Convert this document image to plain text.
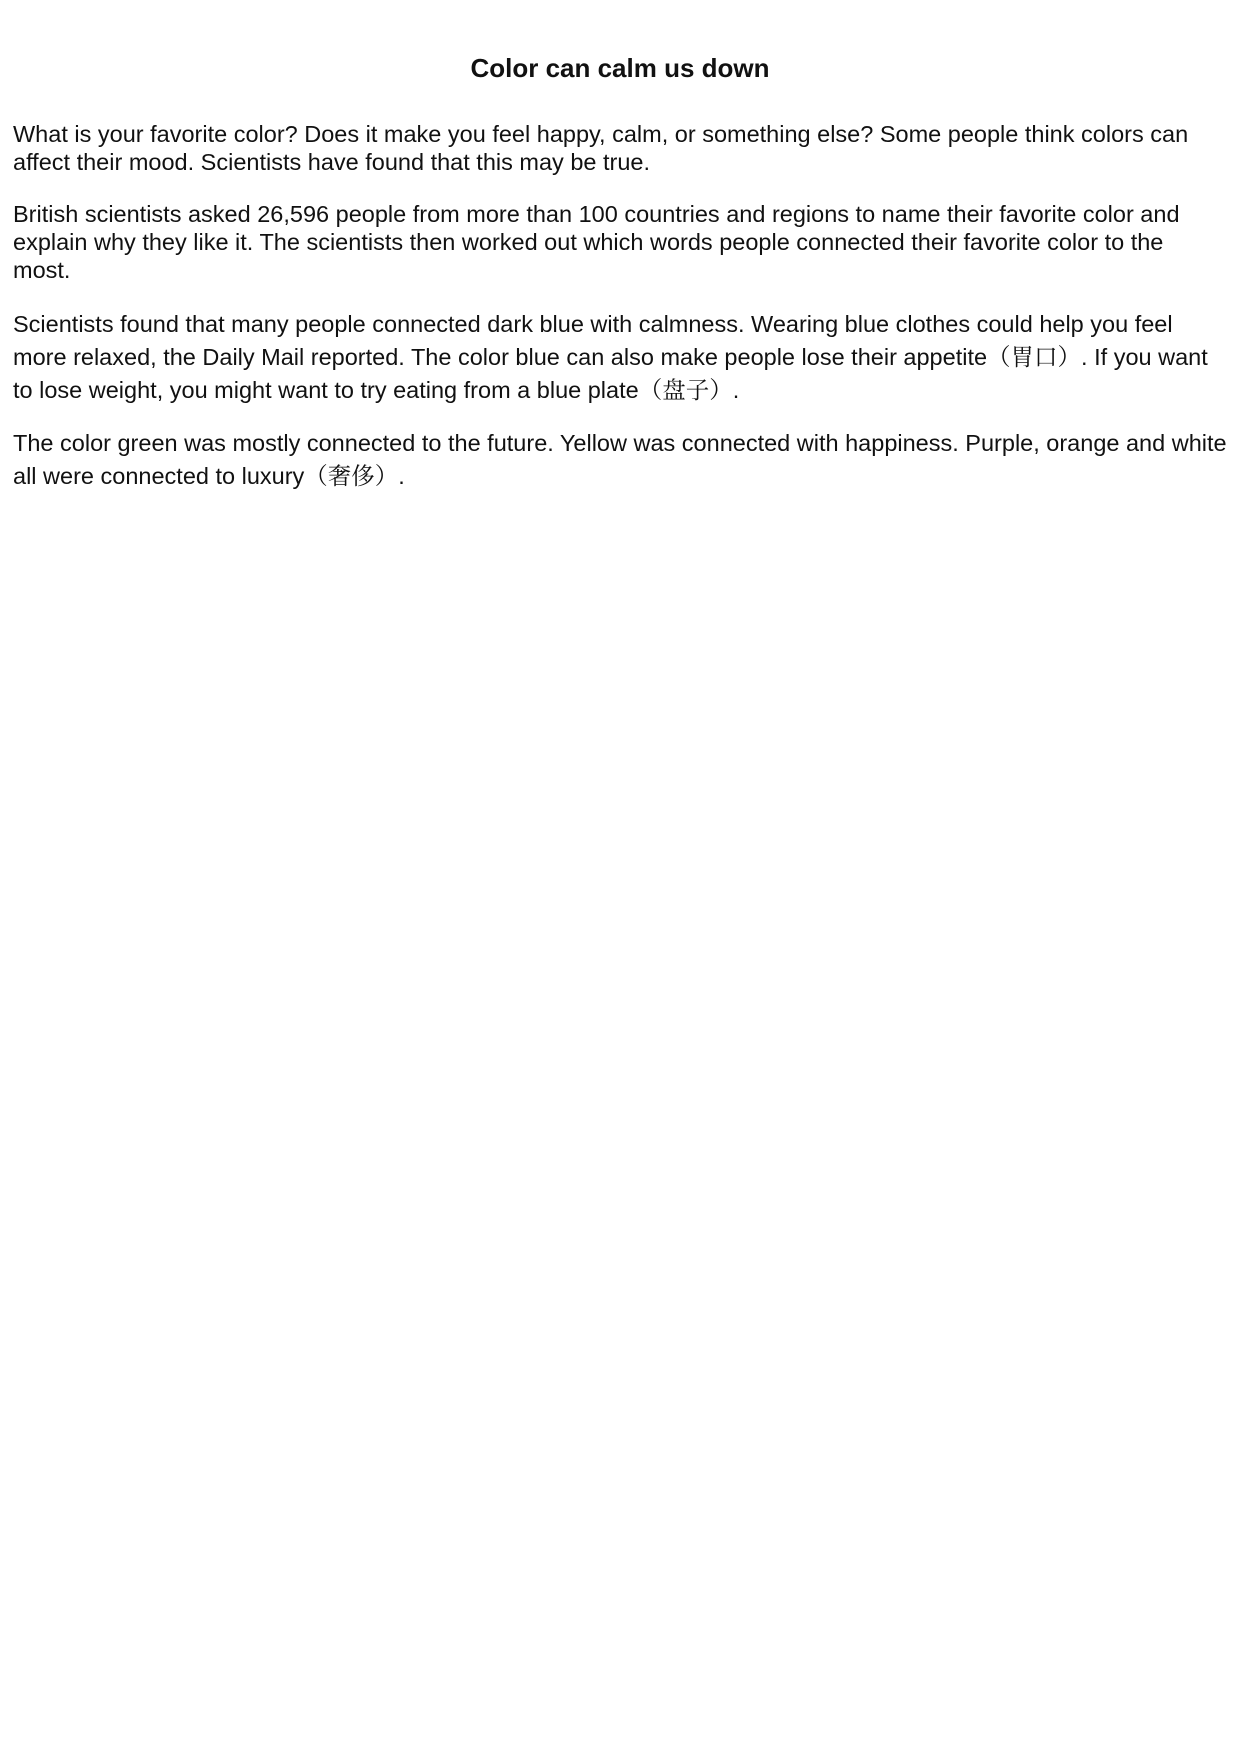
Color can calm us down

What is your favorite color? Does it make you feel happy, calm, or something else? Some people think colors can affect their mood. Scientists have found that this may be true.

British scientists asked 26,596 people from more than 100 countries and regions to name their favorite color and explain why they like it. The scientists then worked out which words people connected their favorite color to the most.

Scientists found that many people connected dark blue with calmness. Wearing blue clothes could help you feel more relaxed, the Daily Mail reported. The color blue can also make people lose their appetite（胃口）. If you want to lose weight, you might want to try eating from a blue plate（盘子）.

The color green was mostly connected to the future. Yellow was connected with happiness. Purple, orange and white all were connected to luxury（奢侈）.
